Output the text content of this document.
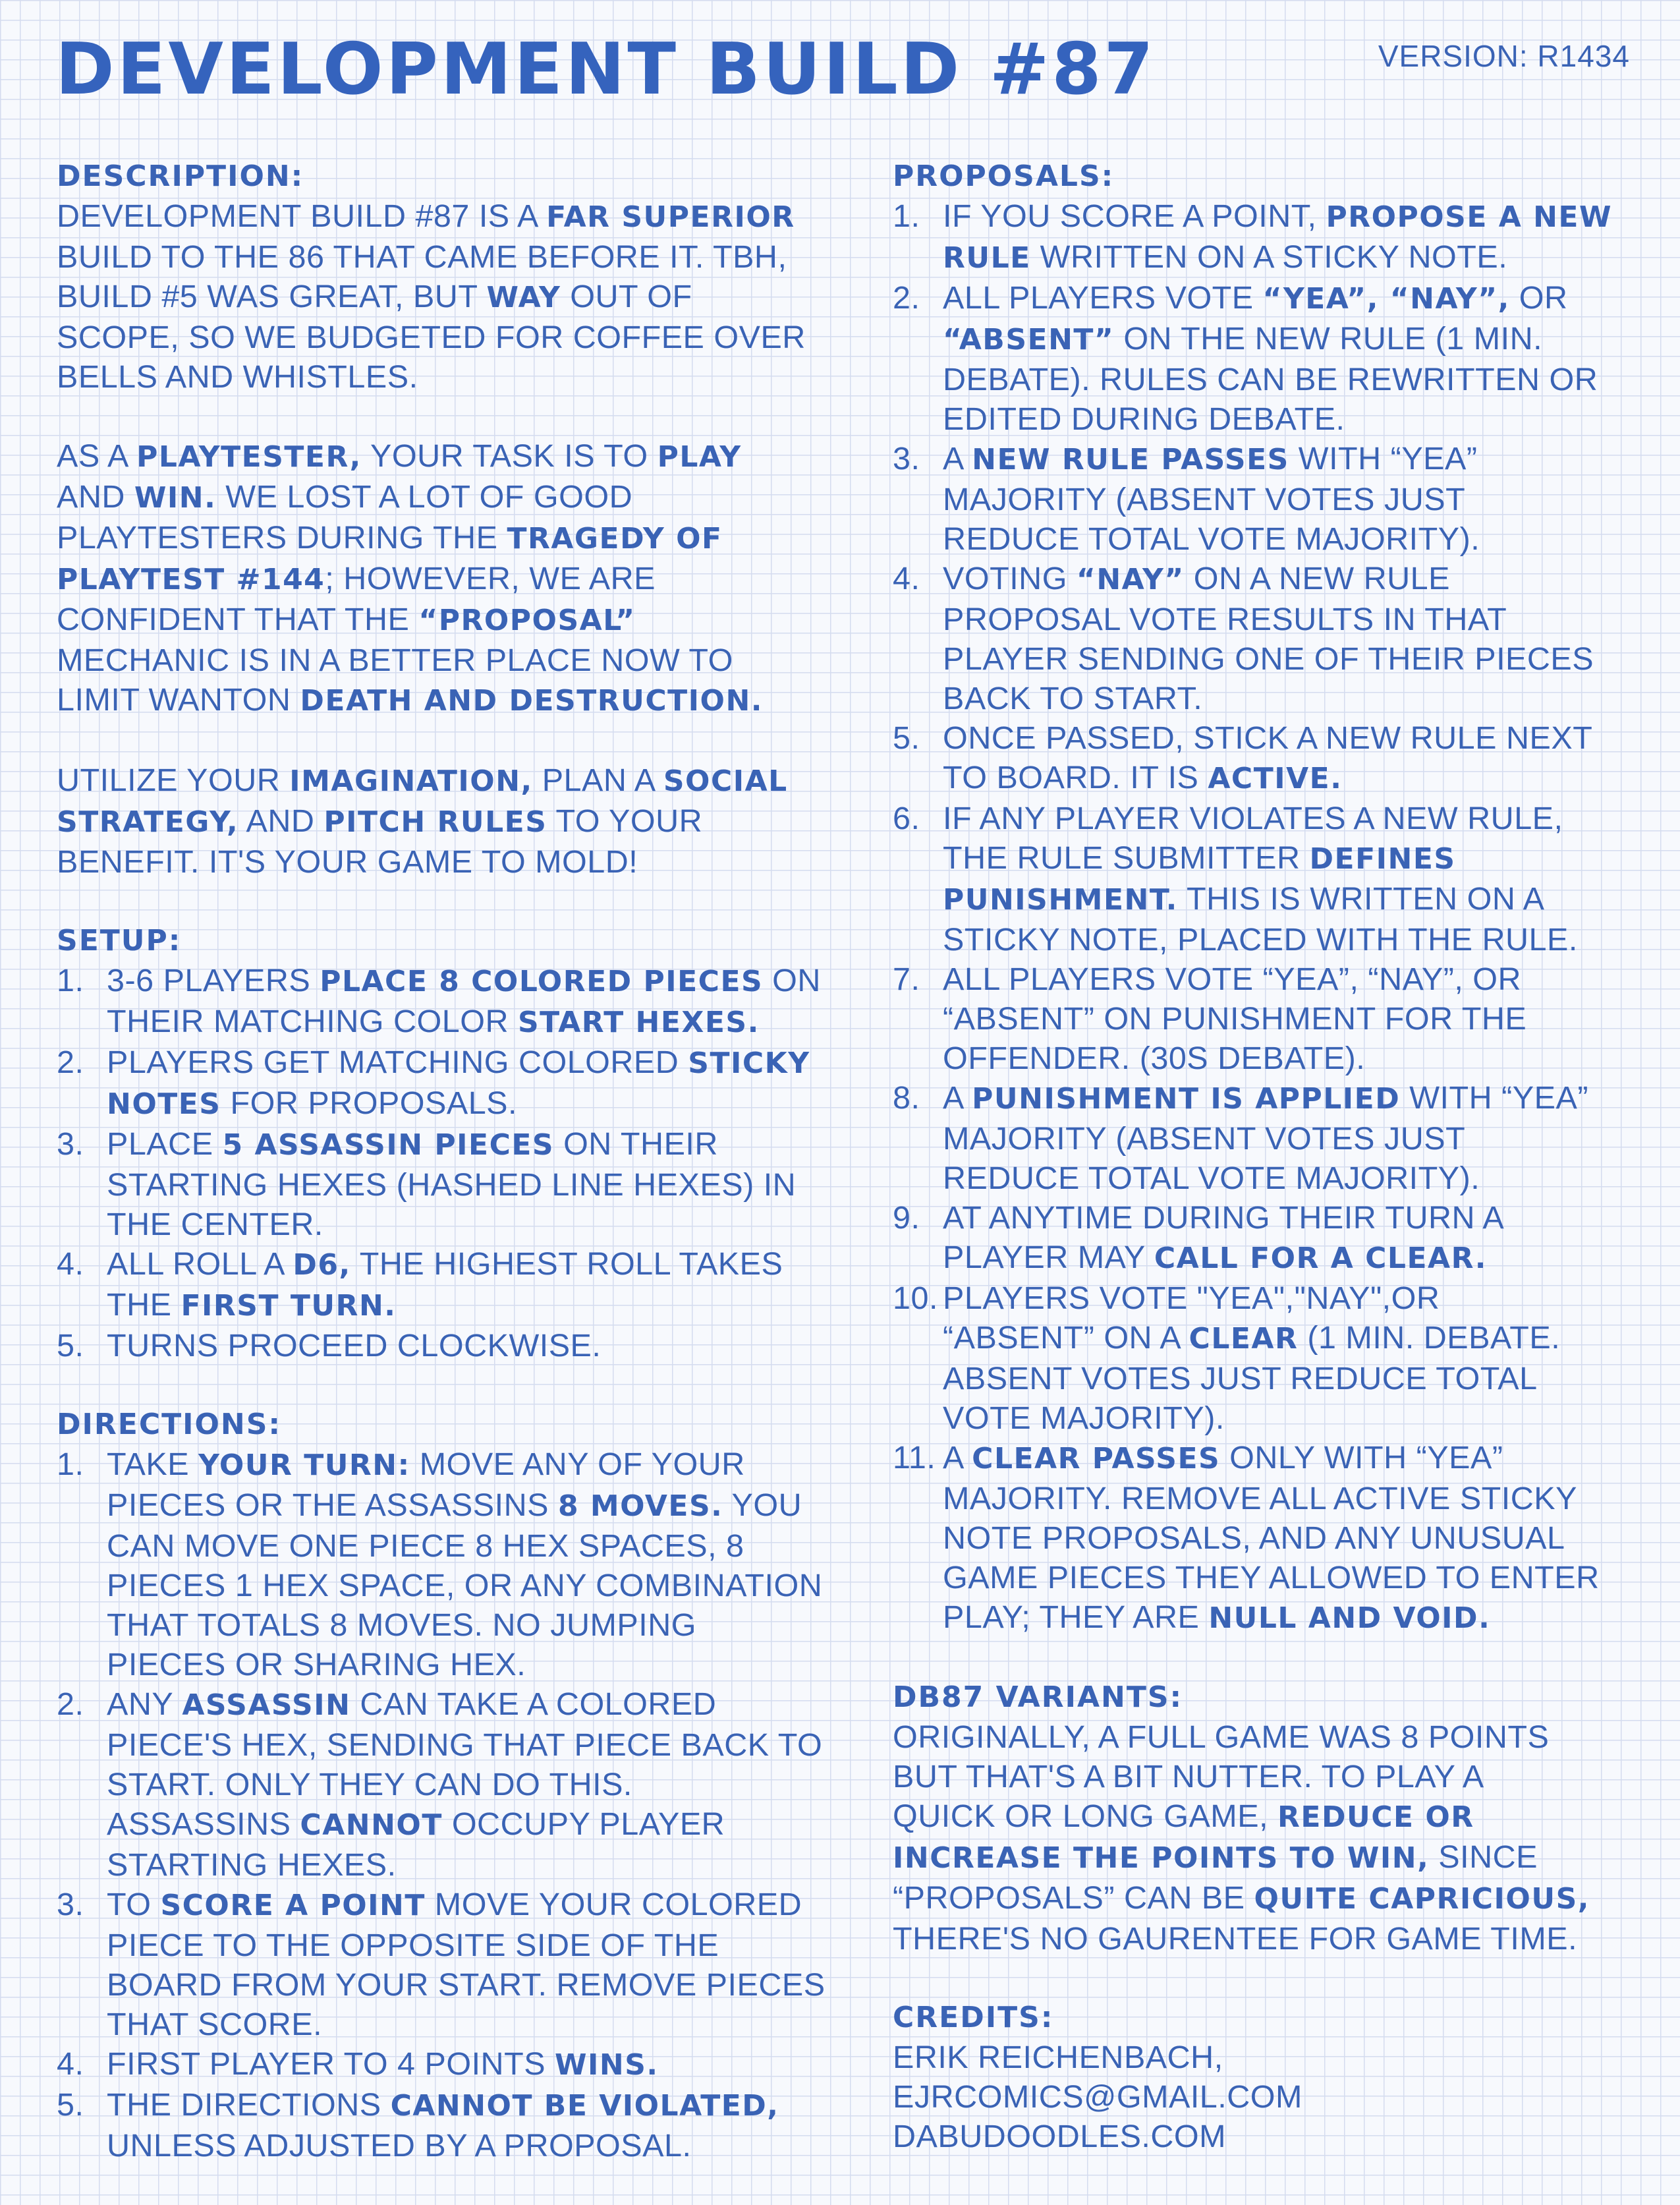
DEVELOPMENT BUILD #87	VERSION: R1434
DESCRIPTION:

DEVELOPMENT BUILD #87 IS A FAR SUPERIOR
BUILD TO THE 86 THAT CAME BEFORE IT. TBH,
BUILD #5 WAS GREAT, BUT WAY OUT OF
SCOPE, SO WE BUDGETED FOR COFFEE OVER
BELLS AND WHISTLES.

AS A PLAYTESTER, YOUR TASK IS TO PLAY
AND WIN. WE LOST A LOT OF GOOD
PLAYTESTERS DURING THE TRAGEDY OF
PLAYTEST #144; HOWEVER, WE ARE
CONFIDENT THAT THE “PROPOSAL”
MECHANIC IS IN A BETTER PLACE NOW TO
LIMIT WANTON DEATH AND DESTRUCTION.

UTILIZE YOUR IMAGINATION, PLAN A SOCIAL
STRATEGY, AND PITCH RULES TO YOUR
BENEFIT. IT'S YOUR GAME TO MOLD!

SETUP:
1. 3-6 PLAYERS PLACE 8 COLORED PIECES ON
THEIR MATCHING COLOR START HEXES.
2. PLAYERS GET MATCHING COLORED STICKY
NOTES FOR PROPOSALS.
3. PLACE 5 ASSASSIN PIECES ON THEIR
STARTING HEXES (HASHED LINE HEXES) IN
THE CENTER.
4. ALL ROLL A D6, THE HIGHEST ROLL TAKES
THE FIRST TURN.
5. TURNS PROCEED CLOCKWISE.
DIRECTIONS:
1. TAKE YOUR TURN: MOVE ANY OF YOUR
PIECES OR THE ASSASSINS 8 MOVES. YOU
CAN MOVE ONE PIECE 8 HEX SPACES, 8
PIECES 1 HEX SPACE, OR ANY COMBINATION
THAT TOTALS 8 MOVES. NO JUMPING
PIECES OR SHARING HEX.
2. ANY ASSASSIN CAN TAKE A COLORED
PIECE'S HEX, SENDING THAT PIECE BACK TO
START. ONLY THEY CAN DO THIS.
ASSASSINS CANNOT OCCUPY PLAYER
STARTING HEXES.
3. TO SCORE A POINT MOVE YOUR COLORED
PIECE TO THE OPPOSITE SIDE OF THE
BOARD FROM YOUR START. REMOVE PIECES
THAT SCORE.
4. FIRST PLAYER TO 4 POINTS WINS.
5. THE DIRECTIONS CANNOT BE VIOLATED,
UNLESS ADJUSTED BY A PROPOSAL.
PROPOSALS:
1. IF YOU SCORE A POINT, PROPOSE A NEW
RULE WRITTEN ON A STICKY NOTE.
2. ALL PLAYERS VOTE “YEA”, “NAY”, OR
“ABSENT” ON THE NEW RULE (1 MIN.
DEBATE). RULES CAN BE REWRITTEN OR
EDITED DURING DEBATE.
3. A NEW RULE PASSES WITH “YEA”
MAJORITY (ABSENT VOTES JUST
REDUCE TOTAL VOTE MAJORITY).
4. VOTING “NAY” ON A NEW RULE
PROPOSAL VOTE RESULTS IN THAT
PLAYER SENDING ONE OF THEIR PIECES
BACK TO START.
5. ONCE PASSED, STICK A NEW RULE NEXT
TO BOARD. IT IS ACTIVE.
6. IF ANY PLAYER VIOLATES A NEW RULE,
THE RULE SUBMITTER DEFINES
PUNISHMENT. THIS IS WRITTEN ON A
STICKY NOTE, PLACED WITH THE RULE.
7. ALL PLAYERS VOTE “YEA”, “NAY”, OR
“ABSENT” ON PUNISHMENT FOR THE
OFFENDER. (30S DEBATE).
8. A PUNISHMENT IS APPLIED WITH “YEA”
MAJORITY (ABSENT VOTES JUST
REDUCE TOTAL VOTE MAJORITY).
9. AT ANYTIME DURING THEIR TURN A
PLAYER MAY CALL FOR A CLEAR.
10. PLAYERS VOTE "YEA","NAY",OR
“ABSENT” ON A CLEAR (1 MIN. DEBATE.
ABSENT VOTES JUST REDUCE TOTAL
VOTE MAJORITY).
11. A CLEAR PASSES ONLY WITH “YEA”
MAJORITY. REMOVE ALL ACTIVE STICKY
NOTE PROPOSALS, AND ANY UNUSUAL
GAME PIECES THEY ALLOWED TO ENTER
PLAY; THEY ARE NULL AND VOID.
DB87 VARIANTS:
ORIGINALLY, A FULL GAME WAS 8 POINTS
BUT THAT'S A BIT NUTTER. TO PLAY A
QUICK OR LONG GAME, REDUCE OR
INCREASE THE POINTS TO WIN, SINCE
“PROPOSALS” CAN BE QUITE CAPRICIOUS,
THERE'S NO GAURENTEE FOR GAME TIME.
CREDITS:
ERIK REICHENBACH,
EJRCOMICS@GMAIL.COM
DABUDOODLES.COM
